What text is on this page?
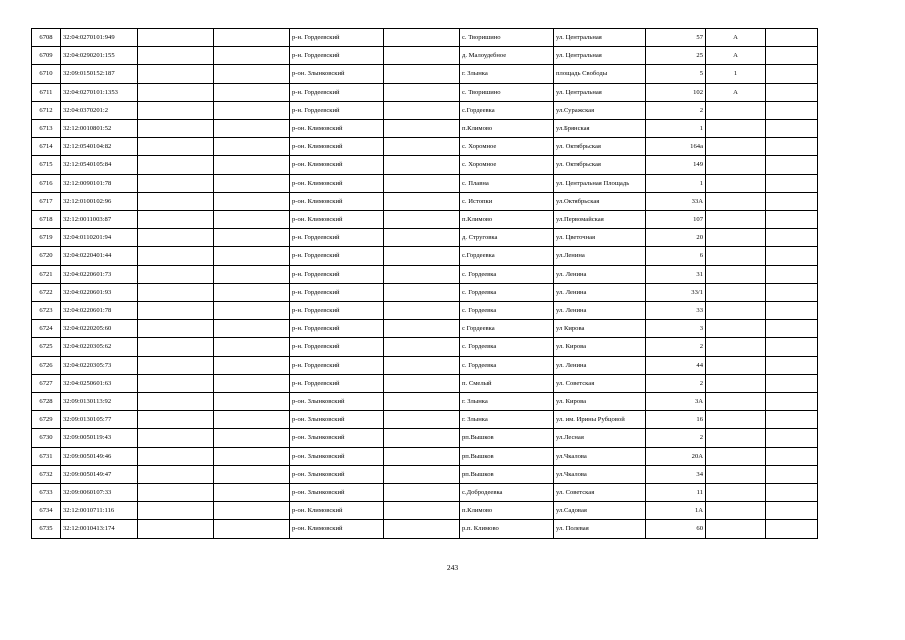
6708	32:04:0270101:949			р-н. Гордеевский		с. Творишино	ул. Центральная	57	А	
6709	32:04:0290201:155			р-н. Гордеевский		д. Малоудебное	ул. Центральная	25	А	
6710	32:09:0150152:187			р-он. Злынковский		г. Злынка	площадь Свободы	5	1	
6711	32:04:0270101:1353			р-н. Гордеевский		с. Творишино	ул. Центральная	102	А	
6712	32:04:0370201:2			р-н. Гордеевский		с.Гордеевка	ул.Суражская	2		
6713	32:12:0010801:52			р-он. Климовский		п.Климово	ул.Брянская	1		
6714	32:12:0540104:82			р-он. Климовский		с. Хоромное	ул. Октябрьская	164а		
6715	32:12:0540105:84			р-он. Климовский		с. Хоромное	ул. Октябрьская	149		
6716	32:12:0090101:78			р-он. Климовский		с. Плавна	ул. Центральная Площадь	1		
6717	32:12:0100102:96			р-он. Климовский		с. Истопки	ул.Октябрьская	33А		
6718	32:12:0011003:87			р-он. Климовский		п.Климово	ул.Первомайская	107		
6719	32:04:0110201:94			р-н. Гордеевский		д. Струговка	ул. Цветочная	20		
6720	32:04:0220401:44			р-н. Гордеевский		с.Гордеевка	ул.Ленина	6		
6721	32:04:0220601:73			р-н. Гордеевский		с. Гордеевка	ул. Ленина	31		
6722	32:04:0220601:93			р-н. Гордеевский		с. Гордеевка	ул. Ленина	33/1		
6723	32:04:0220601:78			р-н. Гордеевский		с. Гордеевка	ул. Ленина	33		
6724	32:04:0220205:60			р-н. Гордеевский		с Гордеевка	ул Кирова	3		
6725	32:04:0220305:62			р-н. Гордеевский		с. Гордеевка	ул. Кирова	2		
6726	32:04:0220305:73			р-н. Гордеевский		с. Гордеевка	ул. Ленина	44		
6727	32:04:0250601:63			р-н. Гордеевский		п. Смелый	ул. Советская	2		
6728	32:09:0130113:92			р-он. Злынковский		г. Злынка	ул. Кирова	3А		
6729	32:09:0130105:77			р-он. Злынковский		г. Злынка	ул. им. Ирины Рубцовой	16		
6730	32:09:0050119:43			р-он. Злынковский		рп.Вышков	ул.Лесная	2		
6731	32:09:0050149:46			р-он. Злынковский		рп.Вышков	ул.Чкалова	20А		
6732	32:09:0050149:47			р-он. Злынковский		рп.Вышков	ул.Чкалова	34		
6733	32:09:0060107:33			р-он. Злынковский		с.Добродеевка	ул. Советская	11		
6734	32:12:0010711:116			р-он. Климовский		п.Климово	ул.Садовая	1А		
6735	32:12:0010413:174			р-он. Климовский		р.п. Климово	ул. Полевая	60		
243
